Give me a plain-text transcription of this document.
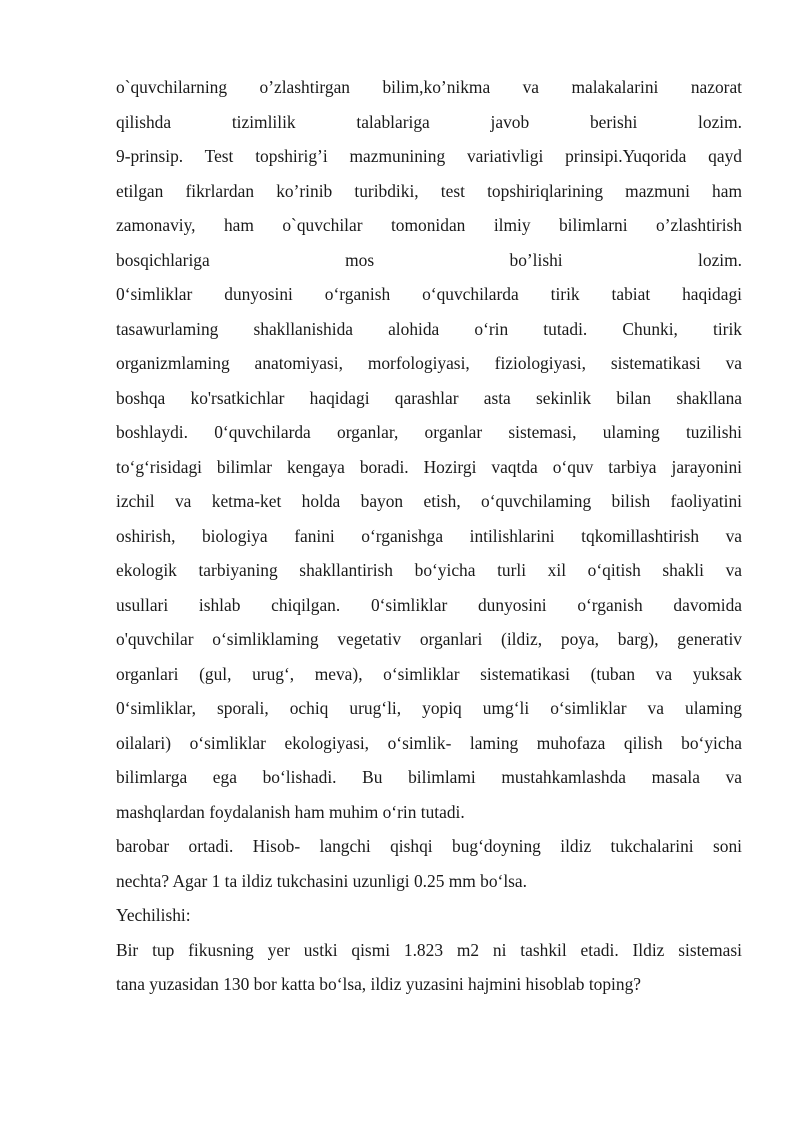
o`quvchilarning o’zlashtirgan bilim,ko’nikma va malakalarini nazorat
qilishda tizimlilik talablariga javob berishi lozim.
9-prinsip. Test topshirig’i mazmunining variativligi prinsipi.Yuqorida qayd
etilgan fikrlardan ko’rinib turibdiki, test topshiriqlarining mazmuni ham
zamonaviy, ham o`quvchilar tomonidan ilmiy bilimlarni o’zlashtirish
bosqichlariga mos bo’lishi lozim.
0‘simliklar dunyosini o‘rganish o‘quvchilarda tirik tabiat haqidagi
tasawurlaming shakllanishida alohida o‘rin tutadi. Chunki, tirik
organizmlaming anatomiyasi, morfologiyasi, fiziologiyasi, sistematikasi va
boshqa ko'rsatkichlar haqidagi qarashlar asta sekinlik bilan shakllana
boshlaydi. 0‘quvchilarda organlar, organlar sistemasi, ulaming tuzilishi
to‘g‘risidagi bilimlar kengaya boradi. Hozirgi vaqtda o‘quv tarbiya jarayonini
izchil va ketma-ket holda bayon etish, o‘quvchilaming bilish faoliyatini
oshirish, biologiya fanini o‘rganishga intilishlarini tqkomillashtirish va
ekologik tarbiyaning shakllantirish bo‘yicha turli xil o‘qitish shakli va
usullari ishlab chiqilgan. 0‘simliklar dunyosini o‘rganish davomida
o'quvchilar o‘simliklaming vegetativ organlari (ildiz, poya, barg), generativ
organlari (gul, urug‘, meva), o‘simliklar sistematikasi (tuban va yuksak
0‘simliklar, sporali, ochiq urug‘li, yopiq umg‘li o‘simliklar va ulaming
oilalari) o‘simliklar ekologiyasi, o‘simlik- laming muhofaza qilish bo‘yicha
bilimlarga ega bo‘lishadi. Bu bilimlami mustahkamlashda masala va
mashqlardan foydalanish ham muhim o‘rin tutadi.
barobar ortadi. Hisob- langchi qishqi bug‘doyning ildiz tukchalarini soni
nechta? Agar 1 ta ildiz tukchasini uzunligi 0.25 mm bo‘lsa.
Yechilishi:
Bir tup fikusning yer ustki qismi 1.823 m2 ni tashkil etadi. Ildiz sistemasi
tana yuzasidan 130 bor katta bo‘lsa, ildiz yuzasini hajmini hisoblab toping?
